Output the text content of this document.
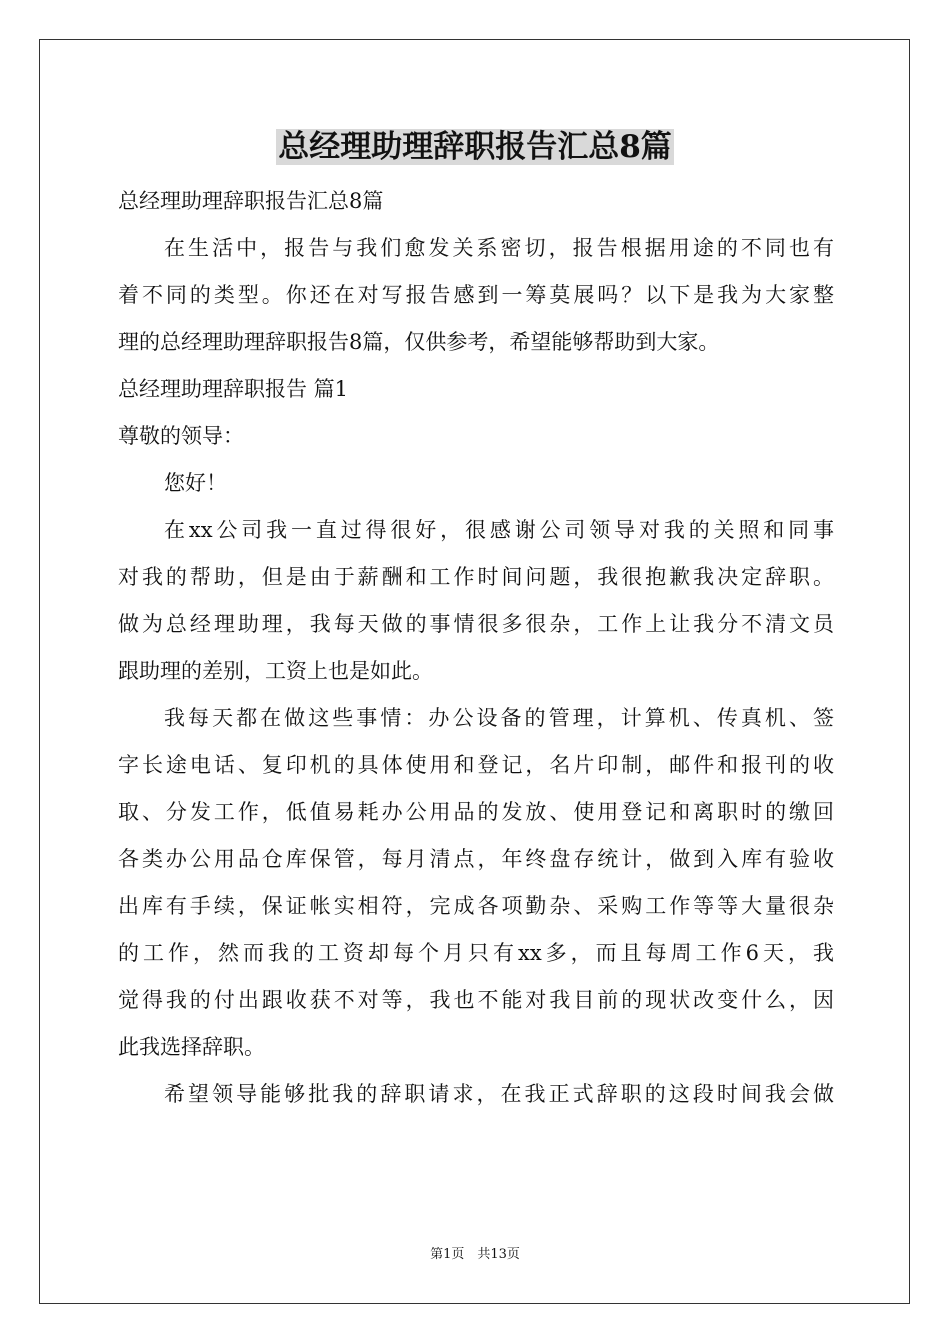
总经理助理辞职报告汇总8篇

总经理助理辞职报告汇总8篇

在生活中，报告与我们愈发关系密切，报告根据用途的不同也有

着不同的类型。你还在对写报告感到一筹莫展吗？以下是我为大家整

理的总经理助理辞职报告8篇，仅供参考，希望能够帮助到大家。

总经理助理辞职报告 篇1

尊敬的领导：

您好！

在xx公司我一直过得很好，很感谢公司领导对我的关照和同事

对我的帮助，但是由于薪酬和工作时间问题，我很抱歉我决定辞职。

做为总经理助理，我每天做的事情很多很杂，工作上让我分不清文员

跟助理的差别，工资上也是如此。

我每天都在做这些事情：办公设备的管理，计算机、传真机、签

字长途电话、复印机的具体使用和登记，名片印制，邮件和报刊的收

取、分发工作，低值易耗办公用品的发放、使用登记和离职时的缴回

各类办公用品仓库保管，每月清点，年终盘存统计，做到入库有验收

出库有手续，保证帐实相符，完成各项勤杂、采购工作等等大量很杂

的工作，然而我的工资却每个月只有xx多，而且每周工作6天，我

觉得我的付出跟收获不对等，我也不能对我目前的现状改变什么，因

此我选择辞职。

希望领导能够批我的辞职请求，在我正式辞职的这段时间我会做

第1页　共13页
